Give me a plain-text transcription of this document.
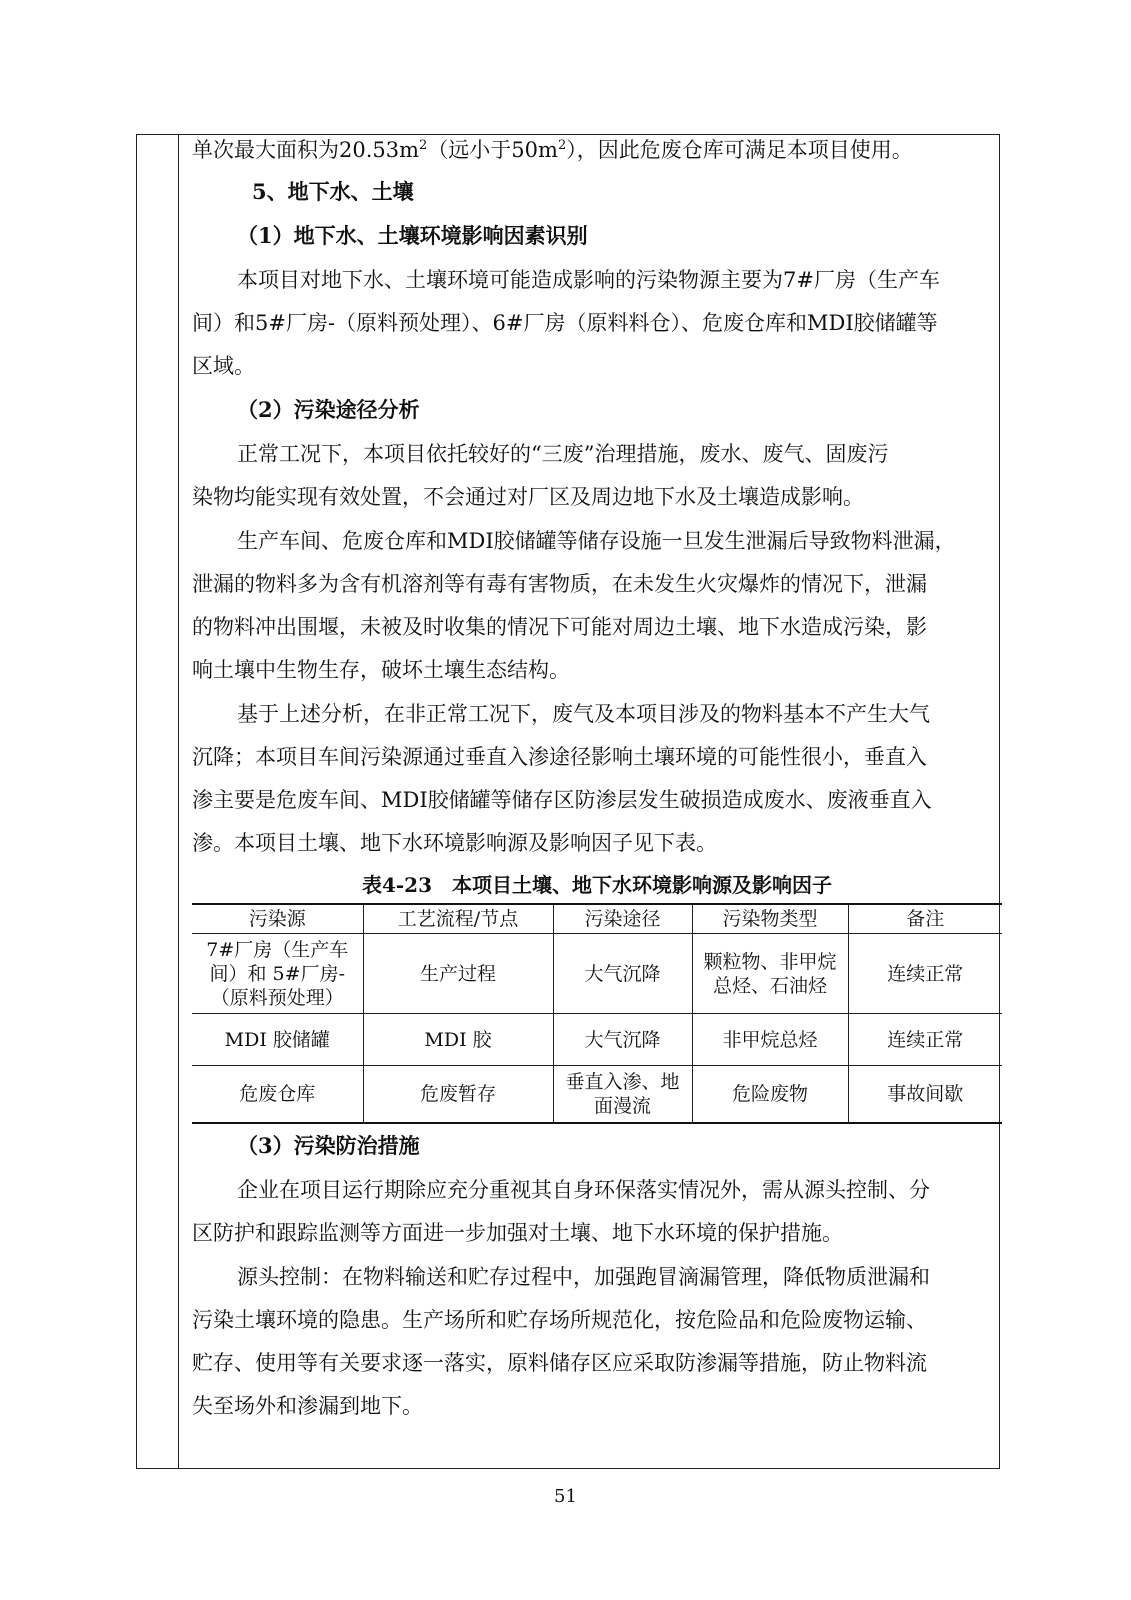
单次最大面积为$20.53m^2$（远小于$50m^2$），因此危废仓库可满足本项目使用。
5、地下水、土壤
（1）地下水、土壤环境影响因素识别
本项目对地下水、土壤环境可能造成影响的污染物源主要为7#厂房（生产车
间）和5#厂房-（原料预处理）、6#厂房（原料料仓）、危废仓库和MDI胶储罐等
区域。
（2）污染途径分析
正常工况下，本项目依托较好的“三废”治理措施，废水、废气、固废污
染物均能实现有效处置，不会通过对厂区及周边地下水及土壤造成影响。
生产车间、危废仓库和MDI胶储罐等储存设施一旦发生泄漏后导致物料泄漏，
泄漏的物料多为含有机溶剂等有毒有害物质，在未发生火灾爆炸的情况下，泄漏
的物料冲出围堰，未被及时收集的情况下可能对周边土壤、地下水造成污染，影
响土壤中生物生存，破坏土壤生态结构。
基于上述分析，在非正常工况下，废气及本项目涉及的物料基本不产生大气
沉降；本项目车间污染源通过垂直入渗途径影响土壤环境的可能性很小，垂直入
渗主要是危废车间、MDI胶储罐等储存区防渗层发生破损造成废水、废液垂直入
渗。本项目土壤、地下水环境影响源及影响因子见下表。
表4-23　本项目土壤、地下水环境影响源及影响因子
污染源	工艺流程/节点	污染途径	污染物类型	备注
7#厂房（生产车间）和 5#厂房-（原料预处理）	生产过程	大气沉降	颗粒物、非甲烷总烃、石油烃	连续正常
MDI 胶储罐	MDI 胶	大气沉降	非甲烷总烃	连续正常
危废仓库	危废暂存	垂直入渗、地面漫流	危险废物	事故间歇
（3）污染防治措施
企业在项目运行期除应充分重视其自身环保落实情况外，需从源头控制、分
区防护和跟踪监测等方面进一步加强对土壤、地下水环境的保护措施。
源头控制：在物料输送和贮存过程中，加强跑冒滴漏管理，降低物质泄漏和
污染土壤环境的隐患。生产场所和贮存场所规范化，按危险品和危险废物运输、
贮存、使用等有关要求逐一落实，原料储存区应采取防渗漏等措施，防止物料流
失至场外和渗漏到地下。
51
